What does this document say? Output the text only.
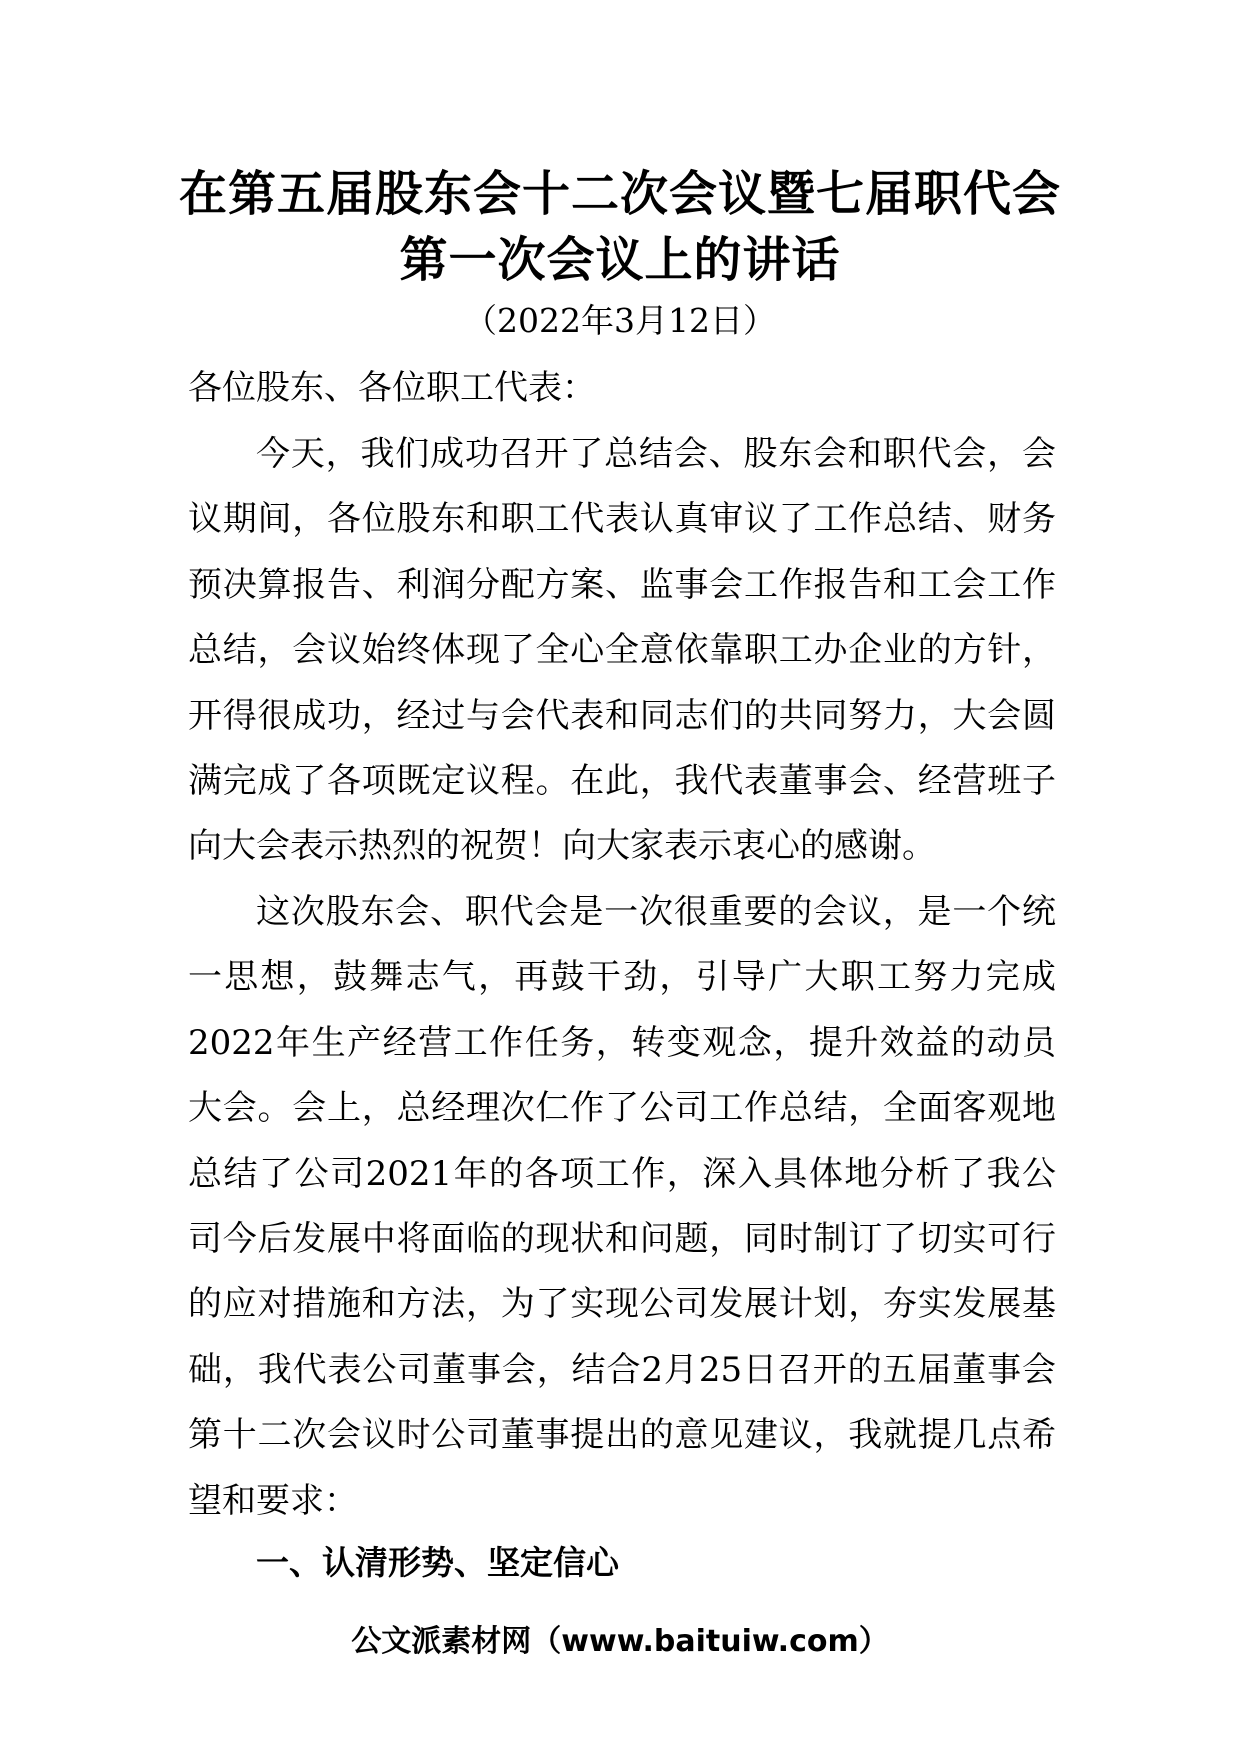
在第五届股东会十二次会议暨七届职代会
第一次会议上的讲话
（2022年3月12日）
各位股东、各位职工代表：

今天，我们成功召开了总结会、股东会和职代会，会议期间，各位股东和职工代表认真审议了工作总结、财务预决算报告、利润分配方案、监事会工作报告和工会工作总结，会议始终体现了全心全意依靠职工办企业的方针，开得很成功，经过与会代表和同志们的共同努力，大会圆满完成了各项既定议程。在此，我代表董事会、经营班子向大会表示热烈的祝贺！向大家表示衷心的感谢。

这次股东会、职代会是一次很重要的会议，是一个统一思想，鼓舞志气，再鼓干劲，引导广大职工努力完成2022年生产经营工作任务，转变观念，提升效益的动员大会。会上，总经理次仁作了公司工作总结，全面客观地总结了公司2021年的各项工作，深入具体地分析了我公司今后发展中将面临的现状和问题，同时制订了切实可行的应对措施和方法，为了实现公司发展计划，夯实发展基础，我代表公司董事会，结合2月25日召开的五届董事会第十二次会议时公司董事提出的意见建议，我就提几点希望和要求：

一、认清形势、坚定信心
公文派素材网（www.baituiw.com）
